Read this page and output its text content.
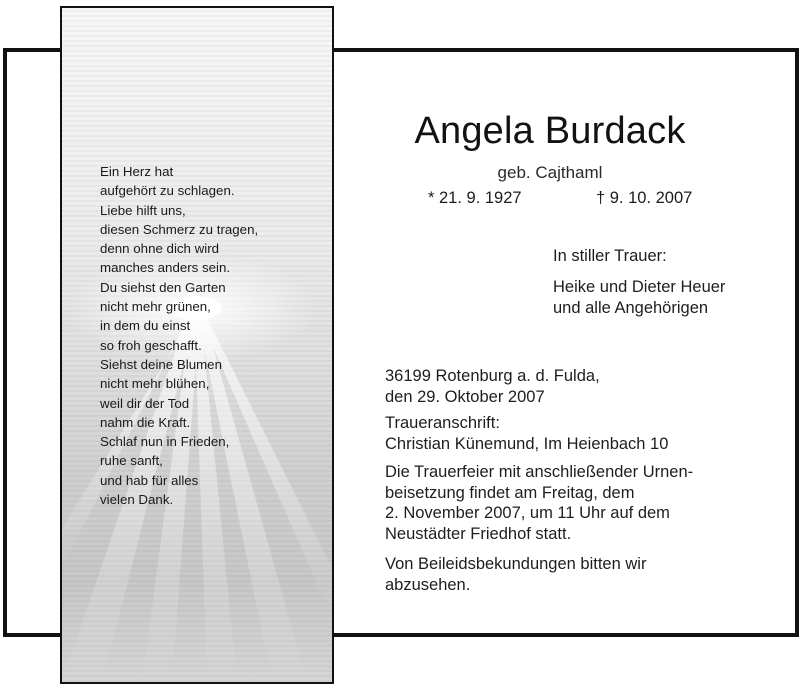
Ein Herz hat
aufgehört zu schlagen.
Liebe hilft uns,
diesen Schmerz zu tragen,
denn ohne dich wird
manches anders sein.
Du siehst den Garten
nicht mehr grünen,
in dem du einst
so froh geschafft.
Siehst deine Blumen
nicht mehr blühen,
weil dir der Tod
nahm die Kraft.
Schlaf nun in Frieden,
ruhe sanft,
und hab für alles
vielen Dank.
Angela Burdack
geb. Cajthaml
* 21. 9. 1927	† 9. 10. 2007
In stiller Trauer:
Heike und Dieter Heuer
und alle Angehörigen
36199 Rotenburg a. d. Fulda,
den 29. Oktober 2007
Traueranschrift:
Christian Künemund, Im Heienbach 10
Die Trauerfeier mit anschließender Urnen-
beisetzung findet am Freitag, dem
2. November 2007, um 11 Uhr auf dem
Neustädter Friedhof statt.
Von Beileidsbekundungen bitten wir
abzusehen.
